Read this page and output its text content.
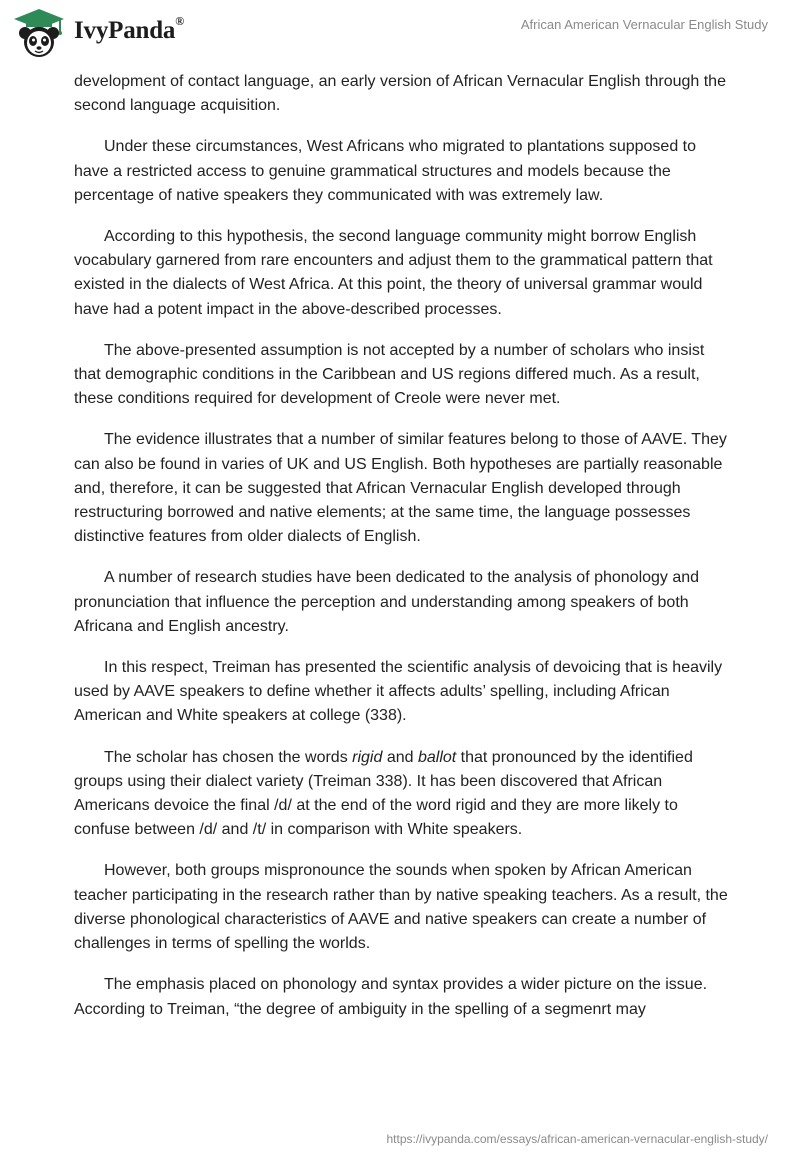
IvyPanda®	African American Vernacular English Study

development of contact language, an early version of African Vernacular English through the second language acquisition.

Under these circumstances, West Africans who migrated to plantations supposed to have a restricted access to genuine grammatical structures and models because the percentage of native speakers they communicated with was extremely law.

According to this hypothesis, the second language community might borrow English vocabulary garnered from rare encounters and adjust them to the grammatical pattern that existed in the dialects of West Africa. At this point, the theory of universal grammar would have had a potent impact in the above-described processes.

The above-presented assumption is not accepted by a number of scholars who insist that demographic conditions in the Caribbean and US regions differed much. As a result, these conditions required for development of Creole were never met.

The evidence illustrates that a number of similar features belong to those of AAVE. They can also be found in varies of UK and US English. Both hypotheses are partially reasonable and, therefore, it can be suggested that African Vernacular English developed through restructuring borrowed and native elements; at the same time, the language possesses distinctive features from older dialects of English.

A number of research studies have been dedicated to the analysis of phonology and pronunciation that influence the perception and understanding among speakers of both Africana and English ancestry.

In this respect, Treiman has presented the scientific analysis of devoicing that is heavily used by AAVE speakers to define whether it affects adults’ spelling, including African American and White speakers at college (338).

The scholar has chosen the words rigid and ballot that pronounced by the identified groups using their dialect variety (Treiman 338). It has been discovered that African Americans devoice the final /d/ at the end of the word rigid and they are more likely to confuse between /d/ and /t/ in comparison with White speakers.

However, both groups mispronounce the sounds when spoken by African American teacher participating in the research rather than by native speaking teachers. As a result, the diverse phonological characteristics of AAVE and native speakers can create a number of challenges in terms of spelling the worlds.

The emphasis placed on phonology and syntax provides a wider picture on the issue. According to Treiman, “the degree of ambiguity in the spelling of a segmenrt may

https://ivypanda.com/essays/african-american-vernacular-english-study/
